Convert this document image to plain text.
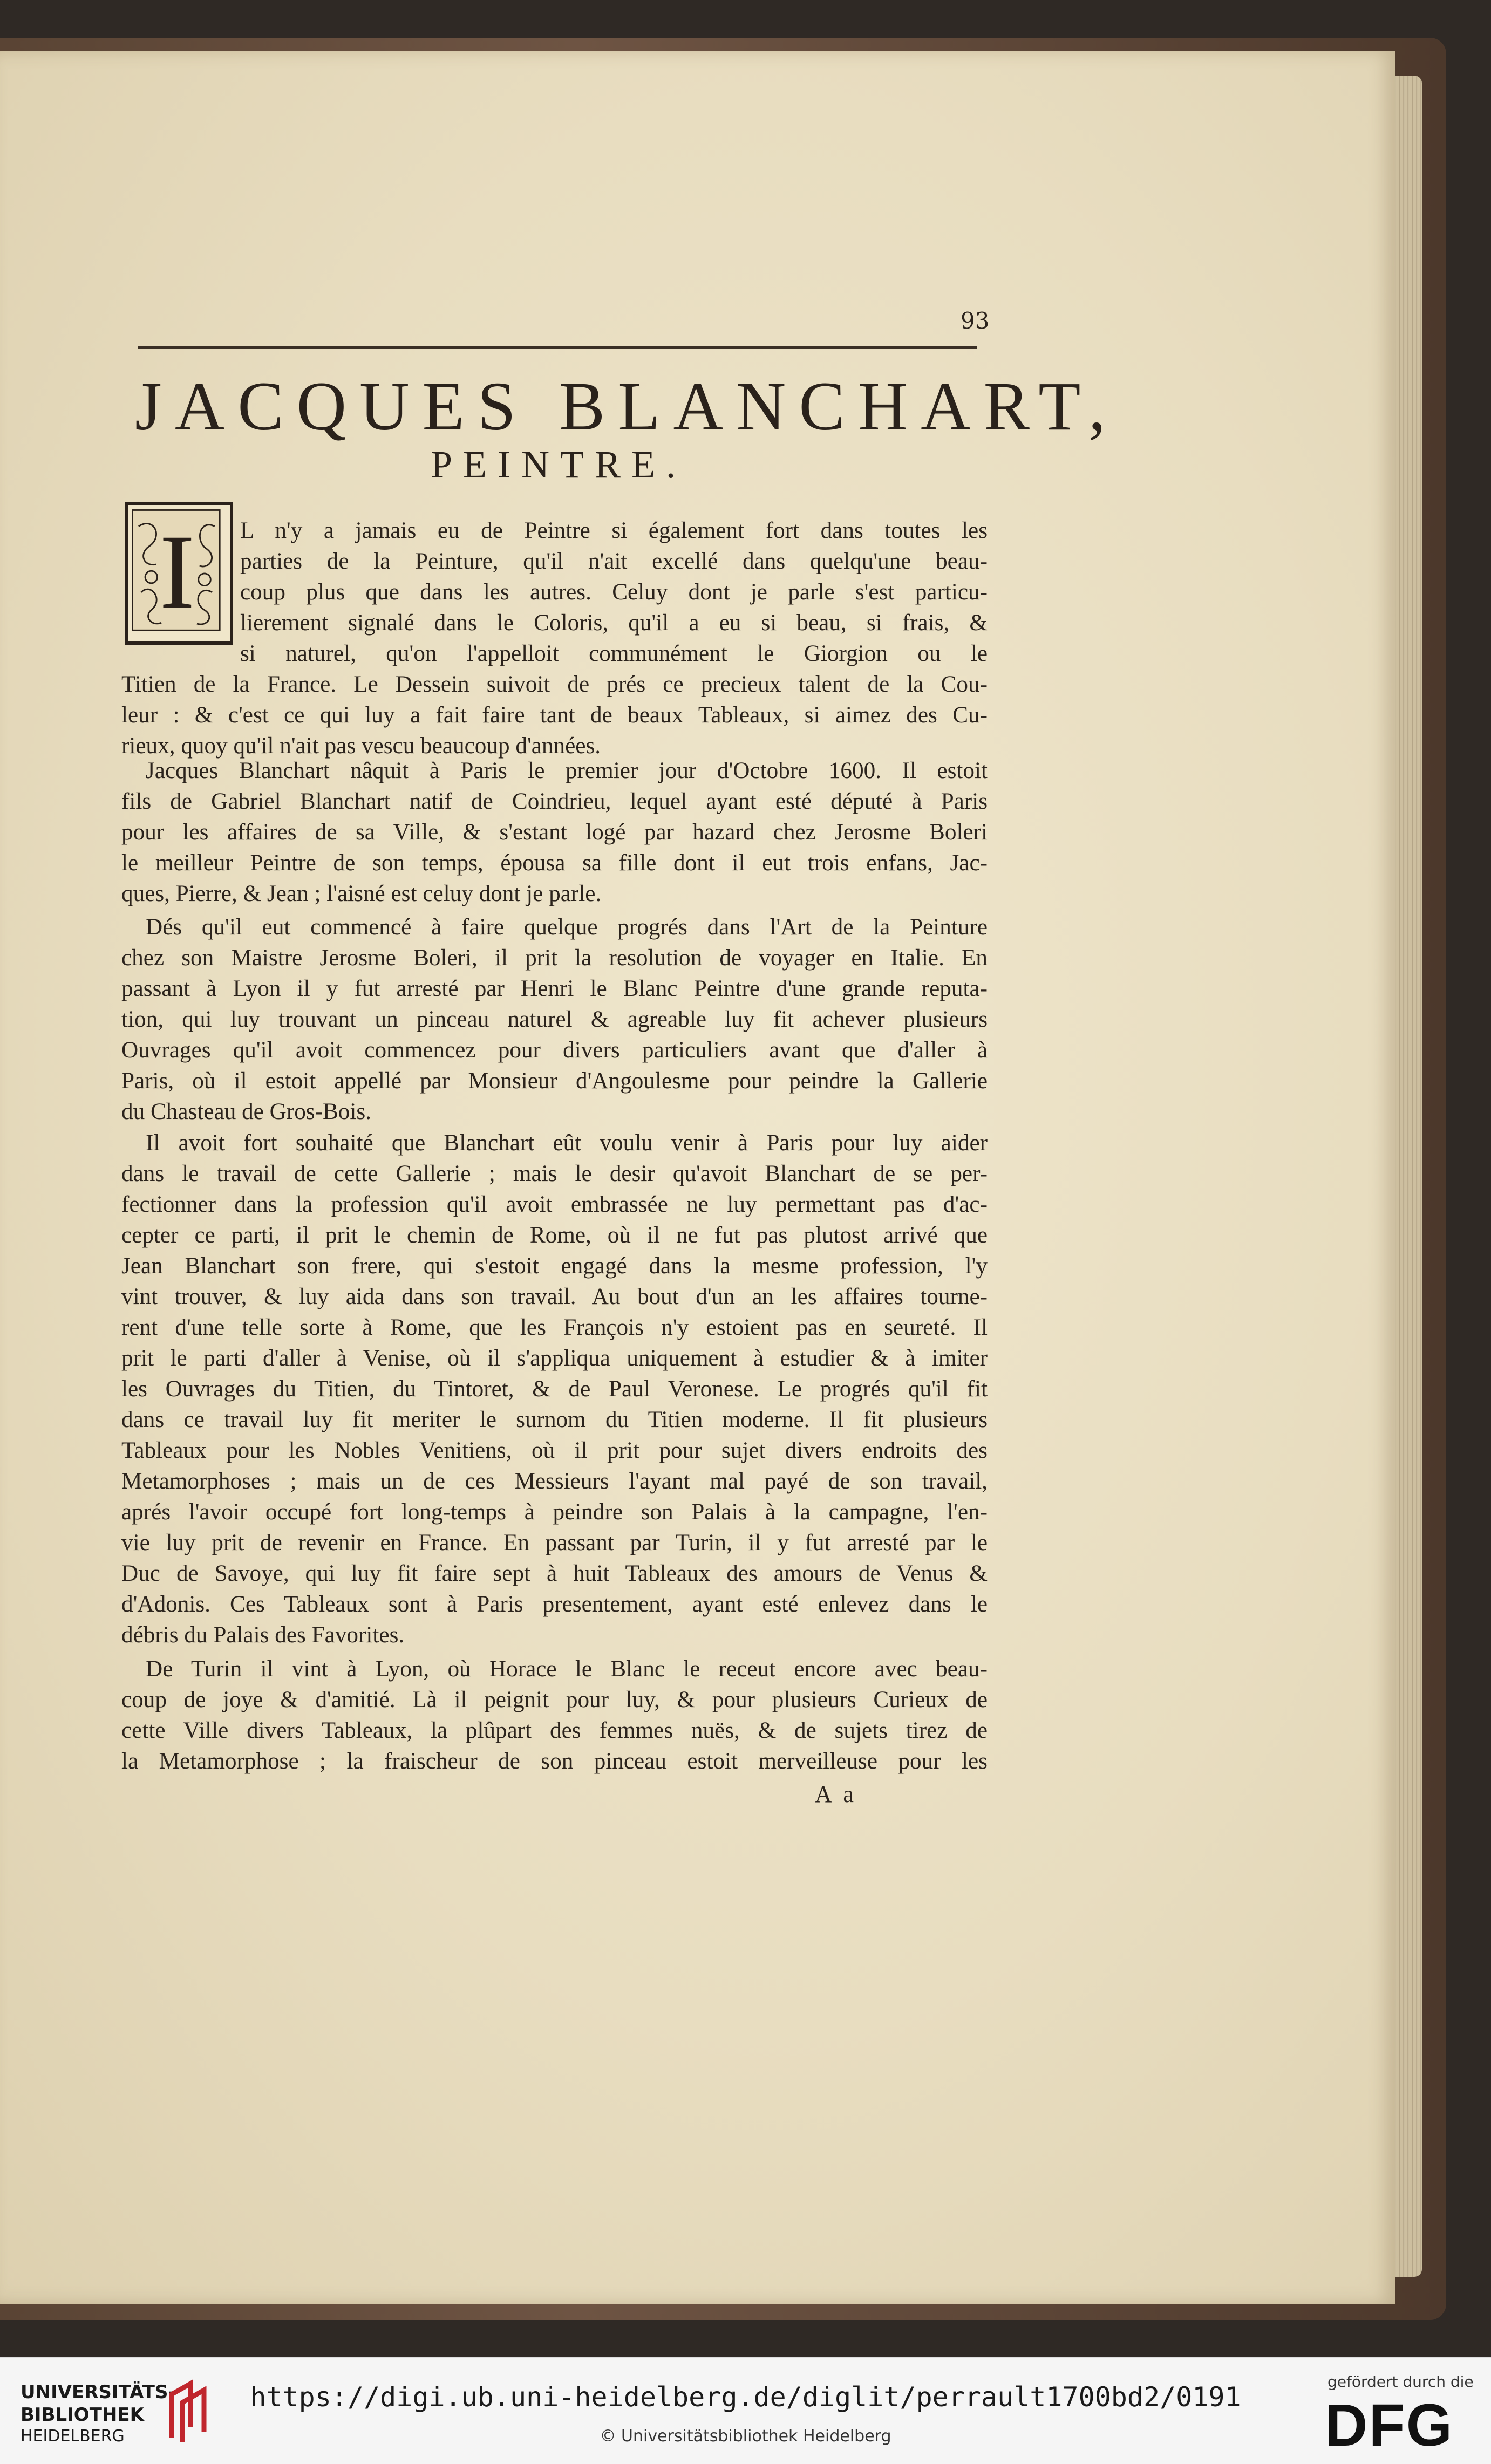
93
JACQUES BLANCHART,
PEINTRE.
I	L n'y a jamais eu de Peintre si également fort dans toutes les
parties de la Peinture, qu'il n'ait excellé dans quelqu'une beau-
coup plus que dans les autres. Celuy dont je parle s'est particu-
lierement signalé dans le Coloris, qu'il a eu si beau, si frais, &
si naturel, qu'on l'appelloit communément le Giorgion ou le
Titien de la France. Le Dessein suivoit de prés ce precieux talent de la Cou-
leur : & c'est ce qui luy a fait faire tant de beaux Tableaux, si aimez des Cu-
rieux, quoy qu'il n'ait pas vescu beaucoup d'années.
Jacques Blanchart nâquit à Paris le premier jour d'Octobre 1600. Il estoit
fils de Gabriel Blanchart natif de Coindrieu, lequel ayant esté député à Paris
pour les affaires de sa Ville, & s'estant logé par hazard chez Jerosme Boleri
le meilleur Peintre de son temps, épousa sa fille dont il eut trois enfans, Jac-
ques, Pierre, & Jean ; l'aisné est celuy dont je parle.
Dés qu'il eut commencé à faire quelque progrés dans l'Art de la Peinture
chez son Maistre Jerosme Boleri, il prit la resolution de voyager en Italie. En
passant à Lyon il y fut arresté par Henri le Blanc Peintre d'une grande reputa-
tion, qui luy trouvant un pinceau naturel & agreable luy fit achever plusieurs
Ouvrages qu'il avoit commencez pour divers particuliers avant que d'aller à
Paris, où il estoit appellé par Monsieur d'Angoulesme pour peindre la Gallerie
du Chasteau de Gros-Bois.
Il avoit fort souhaité que Blanchart eût voulu venir à Paris pour luy aider
dans le travail de cette Gallerie ; mais le desir qu'avoit Blanchart de se per-
fectionner dans la profession qu'il avoit embrassée ne luy permettant pas d'ac-
cepter ce parti, il prit le chemin de Rome, où il ne fut pas plutost arrivé que
Jean Blanchart son frere, qui s'estoit engagé dans la mesme profession, l'y
vint trouver, & luy aida dans son travail. Au bout d'un an les affaires tourne-
rent d'une telle sorte à Rome, que les François n'y estoient pas en seureté. Il
prit le parti d'aller à Venise, où il s'appliqua uniquement à estudier & à imiter
les Ouvrages du Titien, du Tintoret, & de Paul Veronese. Le progrés qu'il fit
dans ce travail luy fit meriter le surnom du Titien moderne. Il fit plusieurs
Tableaux pour les Nobles Venitiens, où il prit pour sujet divers endroits des
Metamorphoses ; mais un de ces Messieurs l'ayant mal payé de son travail,
aprés l'avoir occupé fort long-temps à peindre son Palais à la campagne, l'en-
vie luy prit de revenir en France. En passant par Turin, il y fut arresté par le
Duc de Savoye, qui luy fit faire sept à huit Tableaux des amours de Venus &
d'Adonis. Ces Tableaux sont à Paris presentement, ayant esté enlevez dans le
débris du Palais des Favorites.
De Turin il vint à Lyon, où Horace le Blanc le receut encore avec beau-
coup de joye & d'amitié. Là il peignit pour luy, & pour plusieurs Curieux de
cette Ville divers Tableaux, la plûpart des femmes nuës, & de sujets tirez de
la Metamorphose ; la fraischeur de son pinceau estoit merveilleuse pour les
A a
UNIVERSITÄTS-
BIBLIOTHEK
HEIDELBERG
https://digi.ub.uni-heidelberg.de/diglit/perrault1700bd2/0191
© Universitätsbibliothek Heidelberg
gefördert durch die
DFG
